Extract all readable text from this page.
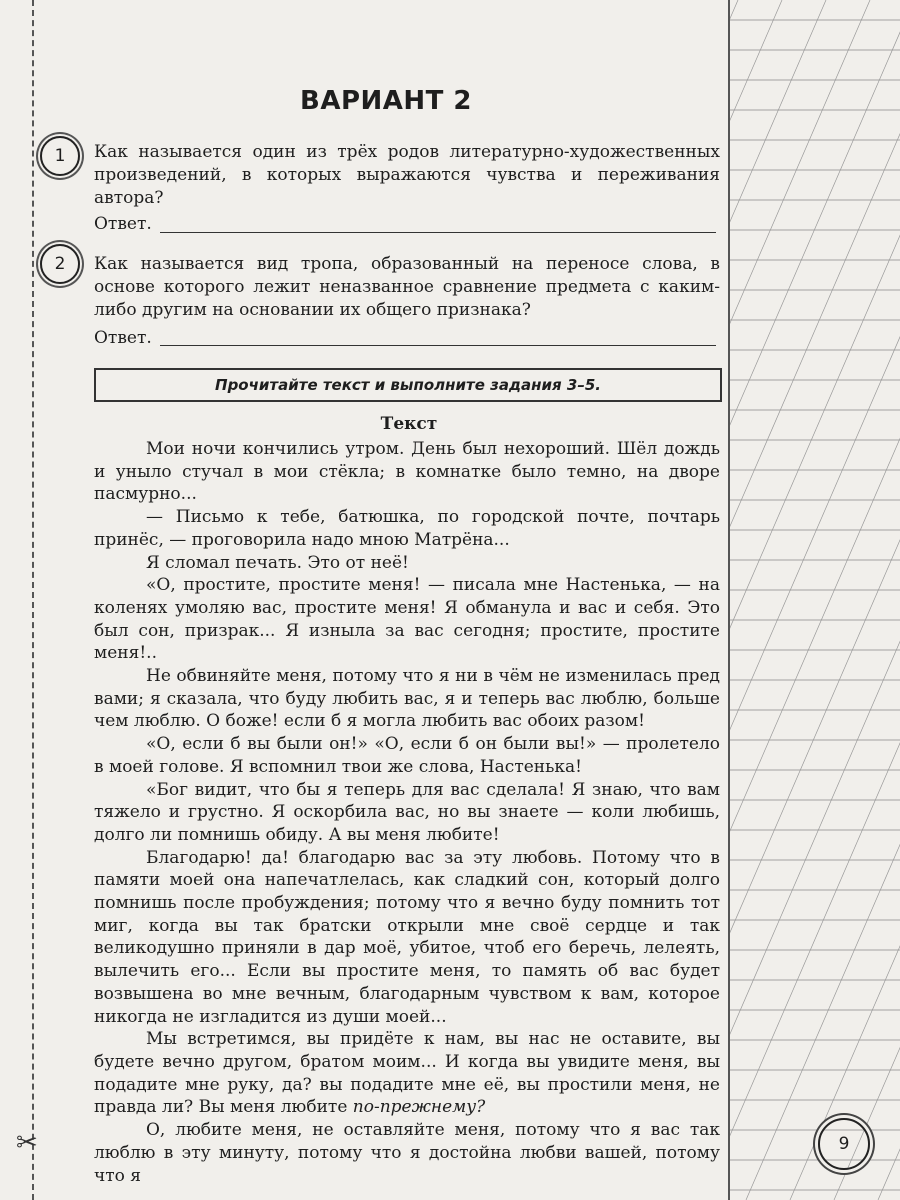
✂
ВАРИАНТ 2
1	Как называется один из трёх родов литературно-художественных произведений, в которых выражаются чувства и переживания автора?
Ответ.
2	Как называется вид тропа, образованный на переносе слова, в основе которого лежит неназванное сравнение предмета с каким-либо другим на основании их общего признака?
Ответ.
Прочитайте текст и выполните задания 3–5.
Текст

Мои ночи кончились утром. День был нехороший. Шёл дождь и уныло стучал в мои стёкла; в комнатке было темно, на дворе пасмурно...

— Письмо к тебе, батюшка, по городской почте, почтарь принёс, — проговорила надо мною Матрёна...

Я сломал печать. Это от неё!

«О, простите, простите меня! — писала мне Настенька, — на коленях умоляю вас, простите меня! Я обманула и вас и себя. Это был сон, призрак... Я изныла за вас сегодня; простите, простите меня!..

Не обвиняйте меня, потому что я ни в чём не изменилась пред вами; я сказала, что буду любить вас, я и теперь вас люблю, больше чем люблю. О боже! если б я могла любить вас обоих разом!

«О, если б вы были он!» «О, если б он были вы!» — пролетело в моей голове. Я вспомнил твои же слова, Настенька!

«Бог видит, что бы я теперь для вас сделала! Я знаю, что вам тяжело и грустно. Я оскорбила вас, но вы знаете — коли любишь, долго ли помнишь обиду. А вы меня любите!

Благодарю! да! благодарю вас за эту любовь. Потому что в памяти моей она напечатлелась, как сладкий сон, который долго помнишь после пробуждения; потому что я вечно буду помнить тот миг, когда вы так братски открыли мне своё сердце и так великодушно приняли в дар моё, убитое, чтоб его беречь, лелеять, вылечить его... Если вы простите меня, то память об вас будет возвышена во мне вечным, благодарным чувством к вам, которое никогда не изгладится из души моей...

Мы встретимся, вы придёте к нам, вы нас не оставите, вы будете вечно другом, братом моим... И когда вы увидите меня, вы подадите мне руку, да? вы подадите мне её, вы простили меня, не правда ли? Вы меня любите по-прежнему?

О, любите меня, не оставляйте меня, потому что я вас так люблю в эту минуту, потому что я достойна любви вашей, потому что я

9
